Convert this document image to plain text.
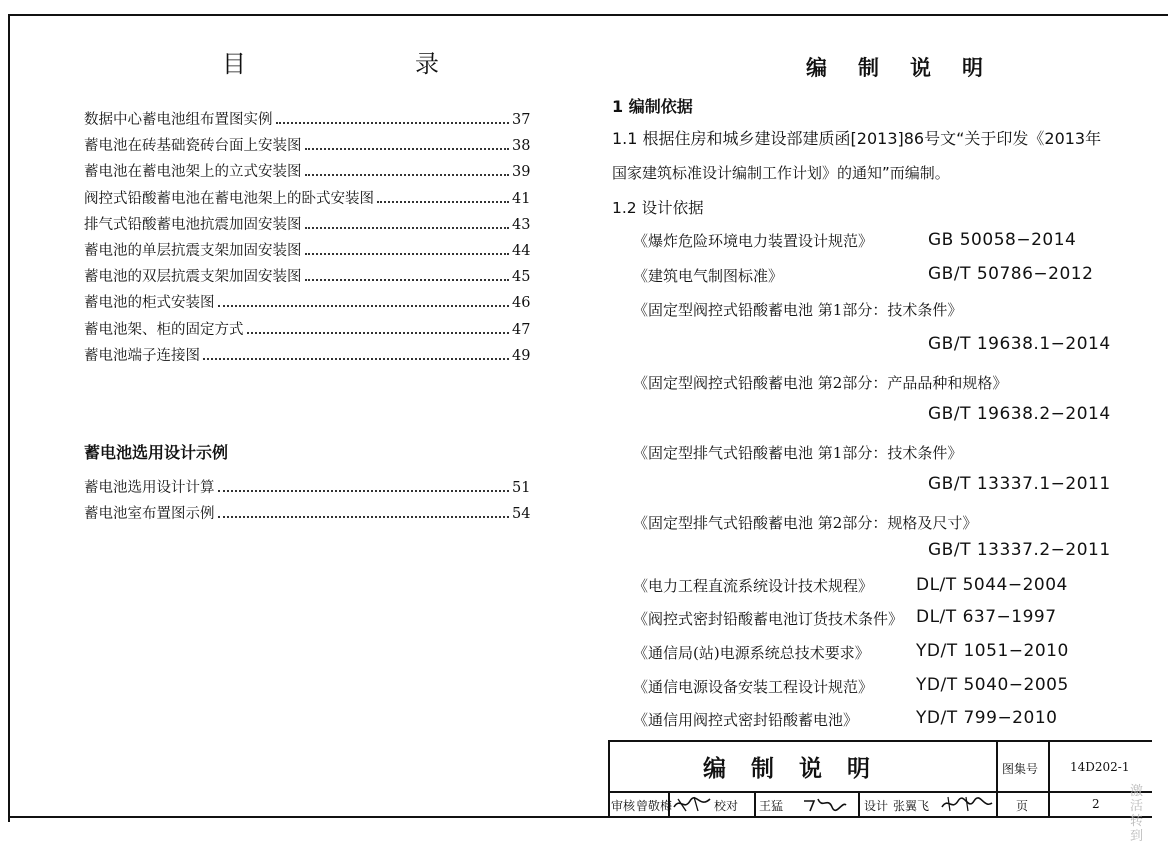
目	录
数据中心蓄电池组布置图实例	37
蓄电池在砖基础瓷砖台面上安装图	38
蓄电池在蓄电池架上的立式安装图	39
阀控式铅酸蓄电池在蓄电池架上的卧式安装图	41
排气式铅酸蓄电池抗震加固安装图	43
蓄电池的单层抗震支架加固安装图	44
蓄电池的双层抗震支架加固安装图	45
蓄电池的柜式安装图	46
蓄电池架、柜的固定方式	47
蓄电池端子连接图	49
蓄电池选用设计示例
蓄电池选用设计计算	51
蓄电池室布置图示例	54
编 制 说 明
1 编制依据
1.1 根据住房和城乡建设部建质函[2013]86号文“关于印发《2013年
国家建筑标准设计编制工作计划》的通知”而编制。
1.2 设计依据
《爆炸危险环境电力装置设计规范》	GB 50058−2014
《建筑电气制图标准》	GB/T 50786−2012
《固定型阀控式铅酸蓄电池 第1部分：技术条件》
GB/T 19638.1−2014
《固定型阀控式铅酸蓄电池 第2部分：产品品种和规格》
GB/T 19638.2−2014
《固定型排气式铅酸蓄电池 第1部分：技术条件》
GB/T 13337.1−2011
《固定型排气式铅酸蓄电池 第2部分：规格及尺寸》
GB/T 13337.2−2011
《电力工程直流系统设计技术规程》	DL/T 5044−2004
《阀控式密封铅酸蓄电池订货技术条件》 DL/T 637−1997
《通信局(站)电源系统总技术要求》	YD/T 1051−2010
《通信电源设备安装工程设计规范》	YD/T 5040−2005
《通信用阀控式密封铅酸蓄电池》	YD/T 799−2010
编 制 说 明	图集号	14D202-1
审核 曾敬梅	校对 王猛	设计 张翼飞	页	2
激活
转到
